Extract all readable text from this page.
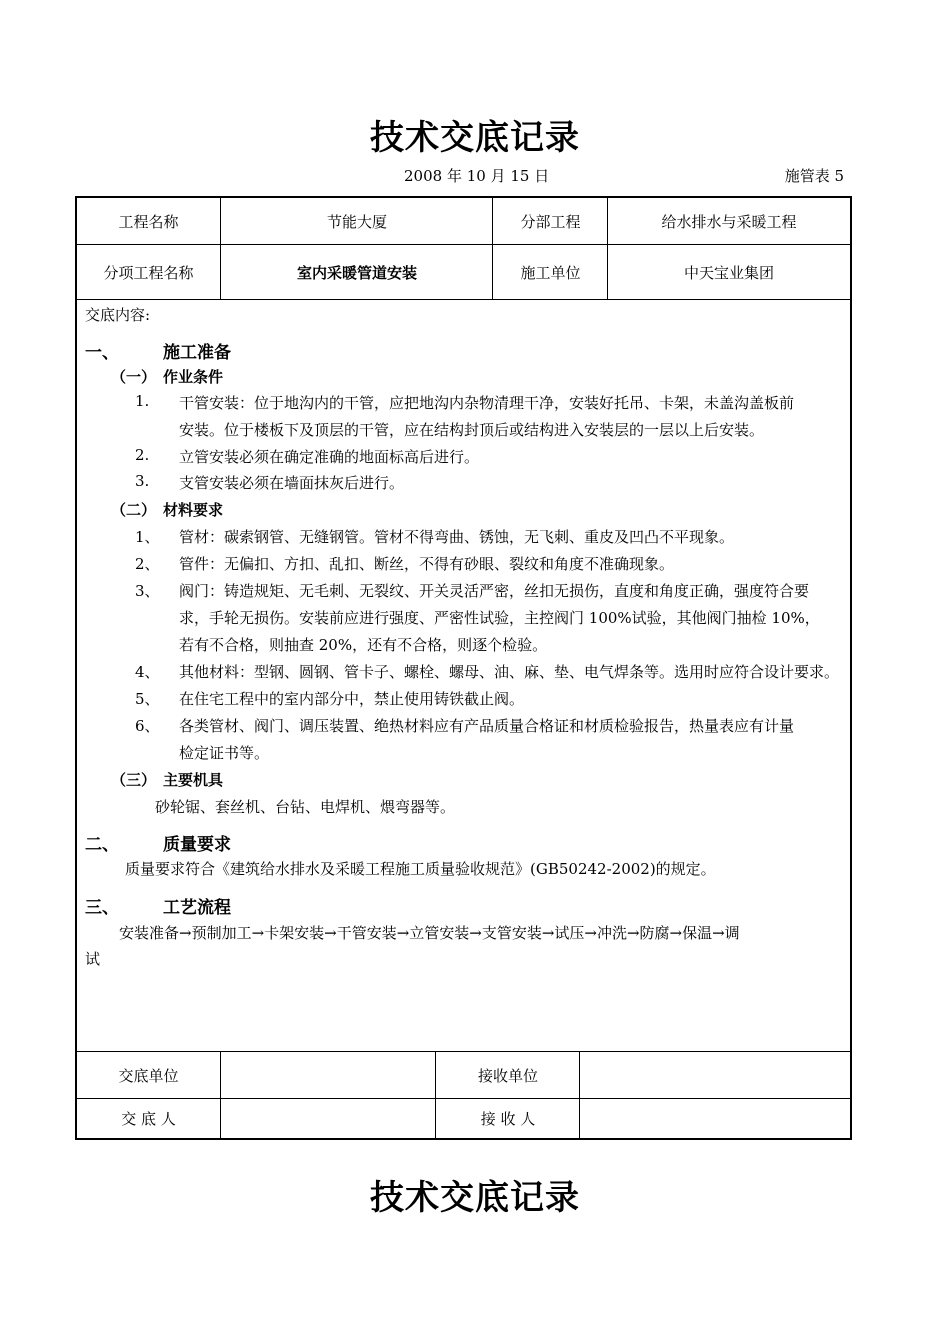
技术交底记录
2008 年 10 月 15 日	施管表 5
工程名称	节能大厦	分部工程	给水排水与采暖工程
分项工程名称	室内采暖管道安装	施工单位	中天宝业集团
交底内容:
一、	施工准备
（一） 作业条件
1. 干管安装：位于地沟内的干管，应把地沟内杂物清理干净，安装好托吊、卡架，未盖沟盖板前
安装。位于楼板下及顶层的干管，应在结构封顶后或结构进入安装层的一层以上后安装。
2. 立管安装必须在确定准确的地面标高后进行。
3. 支管安装必须在墙面抹灰后进行。
（二） 材料要求
1、 管材：碳索钢管、无缝钢管。管材不得弯曲、锈蚀，无飞刺、重皮及凹凸不平现象。
2、 管件：无偏扣、方扣、乱扣、断丝，不得有砂眼、裂纹和角度不准确现象。
3、 阀门：铸造规矩、无毛刺、无裂纹、开关灵活严密，丝扣无损伤，直度和角度正确，强度符合要
求，手轮无损伤。安装前应进行强度、严密性试验，主控阀门 100%试验，其他阀门抽检 10%，
若有不合格，则抽查 20%，还有不合格，则逐个检验。
4、 其他材料：型钢、圆钢、管卡子、螺栓、螺母、油、麻、垫、电气焊条等。选用时应符合设计要求。
5、 在住宅工程中的室内部分中，禁止使用铸铁截止阀。
6、 各类管材、阀门、调压装置、绝热材料应有产品质量合格证和材质检验报告，热量表应有计量
检定证书等。
（三） 主要机具
砂轮锯、套丝机、台钻、电焊机、煨弯器等。
二、	质量要求
质量要求符合《建筑给水排水及采暖工程施工质量验收规范》(GB50242-2002)的规定。
三、	工艺流程
安装准备→预制加工→卡架安装→干管安装→立管安装→支管安装→试压→冲洗→防腐→保温→调
试
交底单位	接收单位
交 底 人	接 收 人
技术交底记录
